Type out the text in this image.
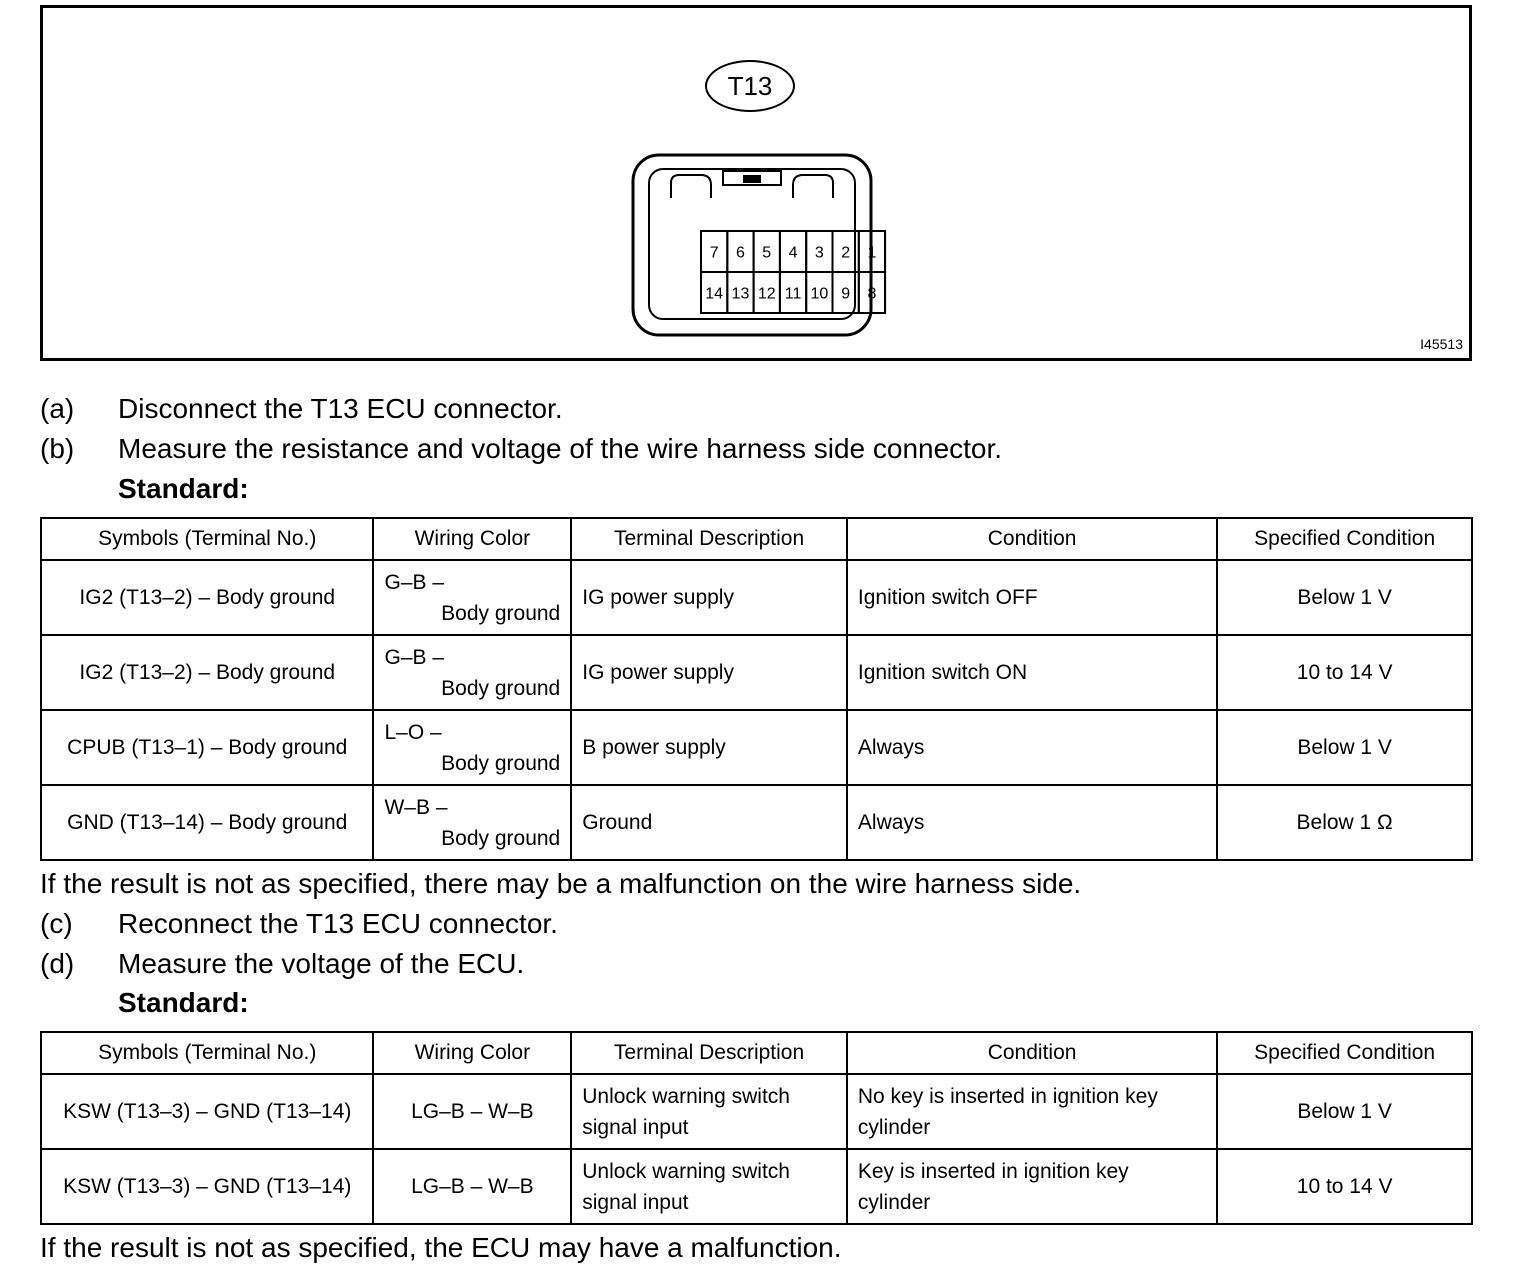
T13
7 6 5 4 3 2 1
14 13 12 11 10 9 8
I45513
(a) Disconnect the T13 ECU connector.
(b) Measure the resistance and voltage of the wire harness side connector.
Standard:
Symbols (Terminal No.)	Wiring Color	Terminal Description	Condition	Specified Condition
IG2 (T13–2) – Body ground	G–B –
Body ground	IG power supply	Ignition switch OFF	Below 1 V
IG2 (T13–2) – Body ground	G–B –
Body ground	IG power supply	Ignition switch ON	10 to 14 V
CPUB (T13–1) – Body ground	L–O –
Body ground	B power supply	Always	Below 1 V
GND (T13–14) – Body ground	W–B –
Body ground	Ground	Always	Below 1 Ω
If the result is not as specified, there may be a malfunction on the wire harness side.
(c) Reconnect the T13 ECU connector.
(d) Measure the voltage of the ECU.
Standard:
Symbols (Terminal No.)	Wiring Color	Terminal Description	Condition	Specified Condition
KSW (T13–3) – GND (T13–14)	LG–B – W–B	Unlock warning switch
signal input	No key is inserted in ignition key
cylinder	Below 1 V
KSW (T13–3) – GND (T13–14)	LG–B – W–B	Unlock warning switch
signal input	Key is inserted in ignition key
cylinder	10 to 14 V
If the result is not as specified, the ECU may have a malfunction.
